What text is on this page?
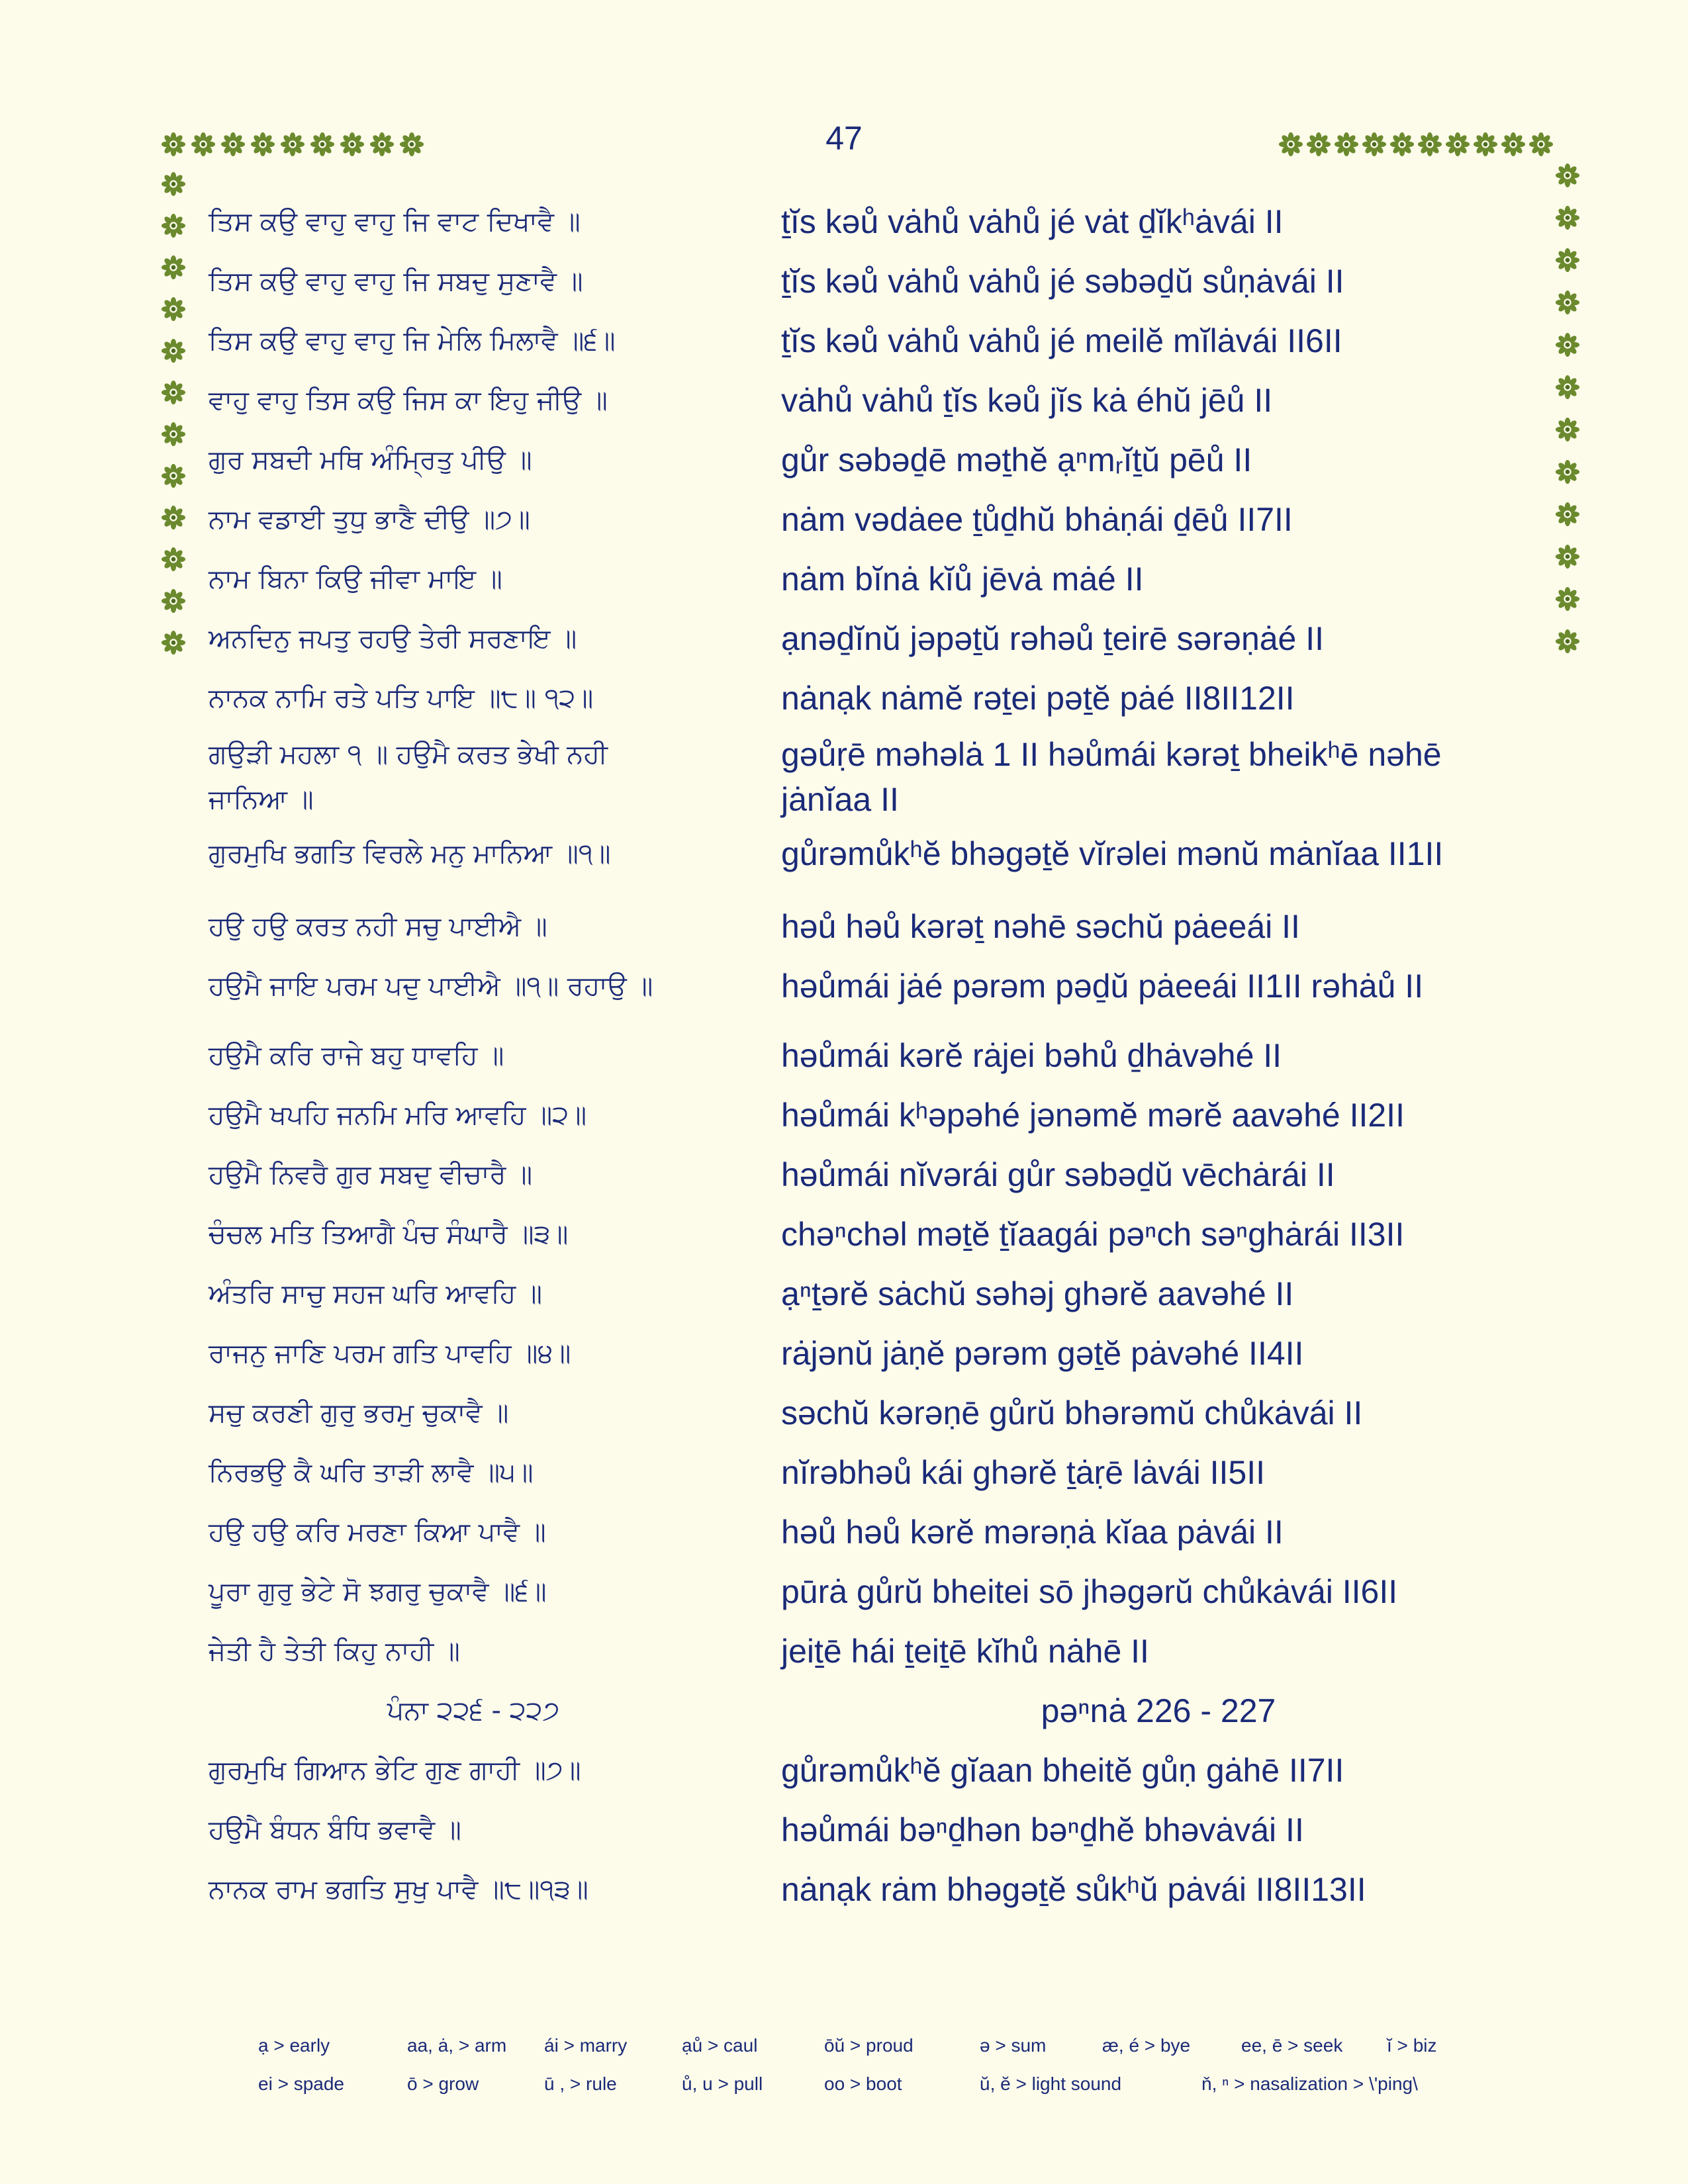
47
ਤਿਸ ਕਉ ਵਾਹੁ ਵਾਹੁ ਜਿ ਵਾਟ ਦਿਖਾਵੈ ॥	ṯĭs kəů vȧhů vȧhů jé vȧt ḏĭkʰȧvái II
ਤਿਸ ਕਉ ਵਾਹੁ ਵਾਹੁ ਜਿ ਸਬਦੁ ਸੁਣਾਵੈ ॥	ṯĭs kəů vȧhů vȧhů jé səbəḏŭ sůṇȧvái II
ਤਿਸ ਕਉ ਵਾਹੁ ਵਾਹੁ ਜਿ ਮੇਲਿ ਮਿਲਾਵੈ ॥੬॥	ṯĭs kəů vȧhů vȧhů jé meilĕ mĭlȧvái II6II
ਵਾਹੁ ਵਾਹੁ ਤਿਸ ਕਉ ਜਿਸ ਕਾ ਇਹੁ ਜੀਉ ॥	vȧhů vȧhů ṯĭs kəů jĭs kȧ éhŭ jēů II
ਗੁਰ ਸਬਦੀ ਮਥਿ ਅੰਮ੍ਰਿਤੁ ਪੀਉ ॥	gůr səbəḏē məṯhĕ ạⁿmᵣĭṯŭ pēů II
ਨਾਮ ਵਡਾਈ ਤੁਧੁ ਭਾਣੈ ਦੀਉ ॥੭॥	nȧm vədȧee ṯůḏhŭ bhȧṇái ḏēů II7II
ਨਾਮ ਬਿਨਾ ਕਿਉ ਜੀਵਾ ਮਾਇ ॥	nȧm bĭnȧ kĭů jēvȧ mȧé II
ਅਨਦਿਨੁ ਜਪਤੁ ਰਹਉ ਤੇਰੀ ਸਰਣਾਇ ॥	ạnəḏĭnŭ jəpəṯŭ rəhəů ṯeirē sərəṇȧé II
ਨਾਨਕ ਨਾਮਿ ਰਤੇ ਪਤਿ ਪਾਇ ॥੮॥ ੧੨॥	nȧnạk nȧmĕ rəṯei pəṯĕ pȧé II8II12II
ਗਉੜੀ ਮਹਲਾ ੧ ॥ ਹਉਮੈ ਕਰਤ ਭੇਖੀ ਨਹੀ	gəůṛē məhəlȧ 1 II həůmái kərəṯ bheikʰē nəhē
ਜਾਨਿਆ ॥	jȧnĭaa II
ਗੁਰਮੁਖਿ ਭਗਤਿ ਵਿਰਲੇ ਮਨੁ ਮਾਨਿਆ ॥੧॥	gůrəmůkʰĕ bhəgəṯĕ vĭrəlei mənŭ mȧnĭaa II1II
ਹਉ ਹਉ ਕਰਤ ਨਹੀ ਸਚੁ ਪਾਈਐ ॥	həů həů kərəṯ nəhē səchŭ pȧeeái II
ਹਉਮੈ ਜਾਇ ਪਰਮ ਪਦੁ ਪਾਈਐ ॥੧॥ ਰਹਾਉ ॥	həůmái jȧé pərəm pəḏŭ pȧeeái II1II rəhȧů II
ਹਉਮੈ ਕਰਿ ਰਾਜੇ ਬਹੁ ਧਾਵਹਿ ॥	həůmái kərĕ rȧjei bəhů ḏhȧvəhé II
ਹਉਮੈ ਖਪਹਿ ਜਨਮਿ ਮਰਿ ਆਵਹਿ ॥੨॥	həůmái kʰəpəhé jənəmĕ mərĕ aavəhé II2II
ਹਉਮੈ ਨਿਵਰੈ ਗੁਰ ਸਬਦੁ ਵੀਚਾਰੈ ॥	həůmái nĭvərái gůr səbəḏŭ vēchȧrái II
ਚੰਚਲ ਮਤਿ ਤਿਆਗੈ ਪੰਚ ਸੰਘਾਰੈ ॥੩॥	chəⁿchəl məṯĕ ṯĭaagái pəⁿch səⁿghȧrái II3II
ਅੰਤਰਿ ਸਾਚੁ ਸਹਜ ਘਰਿ ਆਵਹਿ ॥	ạⁿṯərĕ sȧchŭ səhəj ghərĕ aavəhé II
ਰਾਜਨੁ ਜਾਣਿ ਪਰਮ ਗਤਿ ਪਾਵਹਿ ॥੪॥	rȧjənŭ jȧṇĕ pərəm gəṯĕ pȧvəhé II4II
ਸਚੁ ਕਰਣੀ ਗੁਰੁ ਭਰਮੁ ਚੁਕਾਵੈ ॥	səchŭ kərəṇē gůrŭ bhərəmŭ chůkȧvái II
ਨਿਰਭਉ ਕੈ ਘਰਿ ਤਾੜੀ ਲਾਵੈ ॥੫॥	nĭrəbhəů kái ghərĕ ṯȧṛē lȧvái II5II
ਹਉ ਹਉ ਕਰਿ ਮਰਣਾ ਕਿਆ ਪਾਵੈ ॥	həů həů kərĕ mərəṇȧ kĭaa pȧvái II
ਪੂਰਾ ਗੁਰੁ ਭੇਟੇ ਸੋ ਝਗਰੁ ਚੁਕਾਵੈ ॥੬॥	pūrȧ gůrŭ bheitei sō jhəgərŭ chůkȧvái II6II
ਜੇਤੀ ਹੈ ਤੇਤੀ ਕਿਹੁ ਨਾਹੀ ॥	jeiṯē hái ṯeiṯē kĭhů nȧhē II
ਪੰਨਾ ੨੨੬ - ੨੨੭	pəⁿnȧ 226 - 227
ਗੁਰਮੁਖਿ ਗਿਆਨ ਭੇਟਿ ਗੁਣ ਗਾਹੀ ॥੭॥	gůrəmůkʰĕ gĭaan bheitĕ gůṇ gȧhē II7II
ਹਉਮੈ ਬੰਧਨ ਬੰਧਿ ਭਵਾਵੈ ॥	həůmái bəⁿḏhən bəⁿḏhĕ bhəvȧvái II
ਨਾਨਕ ਰਾਮ ਭਗਤਿ ਸੁਖੁ ਪਾਵੈ ॥੮॥੧੩॥	nȧnạk rȧm bhəgəṯĕ sůkʰŭ pȧvái II8II13II
ạ > early	aa, ȧ, > arm ái > marry	ạů > caul	ōŭ > proud	ə > sum	æ, é > bye	ee, ē > seek ĭ > biz
ei > spade	ō > grow	ū , > rule	ů, u > pull	oo > boot	ŭ, ĕ > light sound	ň, ⁿ > nasalization > \'ping\
